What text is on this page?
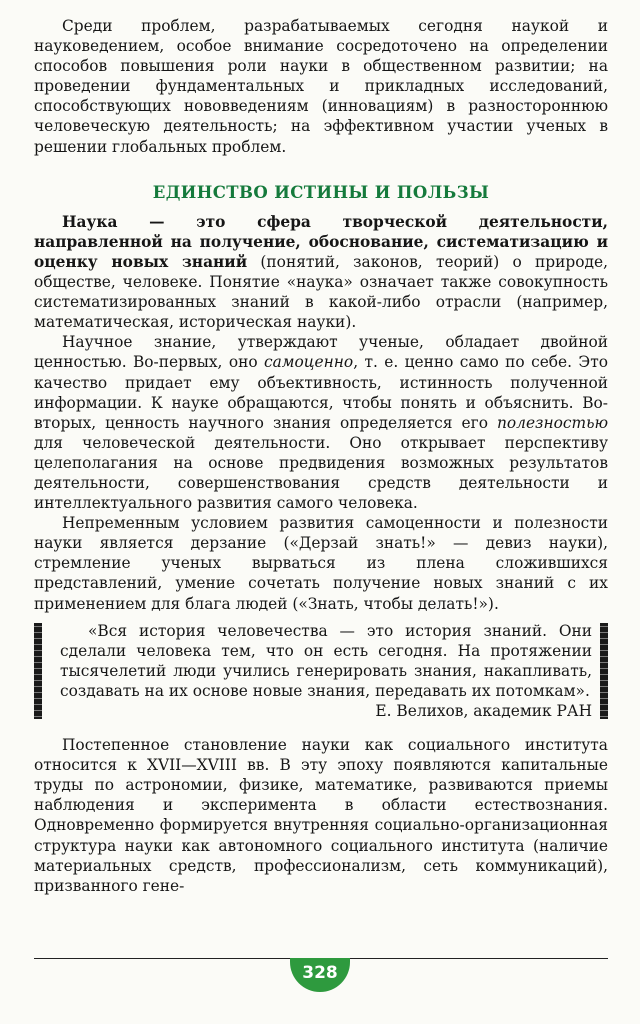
Среди проблем, разрабатываемых сегодня наукой и науковедением, особое внимание сосредоточено на определении способов повышения роли науки в общественном развитии; на проведении фундаментальных и прикладных исследований, способствующих нововведениям (инновациям) в разностороннюю человеческую деятельность; на эффективном участии ученых в решении глобальных проблем.

ЕДИНСТВО ИСТИНЫ И ПОЛЬЗЫ

Наука — это сфера творческой деятельности, направленной на получение, обоснование, систематизацию и оценку новых знаний (понятий, законов, теорий) о природе, обществе, человеке. Понятие «наука» означает также совокупность систематизированных знаний в какой-либо отрасли (например, математическая, историческая науки).

Научное знание, утверждают ученые, обладает двойной ценностью. Во-первых, оно самоценно, т. е. ценно само по себе. Это качество придает ему объективность, истинность полученной информации. К науке обращаются, чтобы понять и объяснить. Во-вторых, ценность научного знания определяется его полезностью для человеческой деятельности. Оно открывает перспективу целеполагания на основе предвидения возможных результатов деятельности, совершенствования средств деятельности и интеллектуального развития самого человека.

Непременным условием развития самоценности и полезности науки является дерзание («Дерзай знать!» — девиз науки), стремление ученых вырваться из плена сложившихся представлений, умение сочетать получение новых знаний с их применением для блага людей («Знать, чтобы делать!»).

«Вся история человечества — это история знаний. Они сделали человека тем, что он есть сегодня. На протяжении тысячелетий люди учились генерировать знания, накапливать, создавать на их основе новые знания, передавать их потомкам».

Е. Велихов, академик РАН

Постепенное становление науки как социального института относится к XVII—XVIII вв. В эту эпоху появляются капитальные труды по астрономии, физике, математике, развиваются приемы наблюдения и эксперимента в области естествознания. Одновременно формируется внутренняя социально-организационная структура науки как автономного социального института (наличие материальных средств, профессионализм, сеть коммуникаций), призванного гене-

328
